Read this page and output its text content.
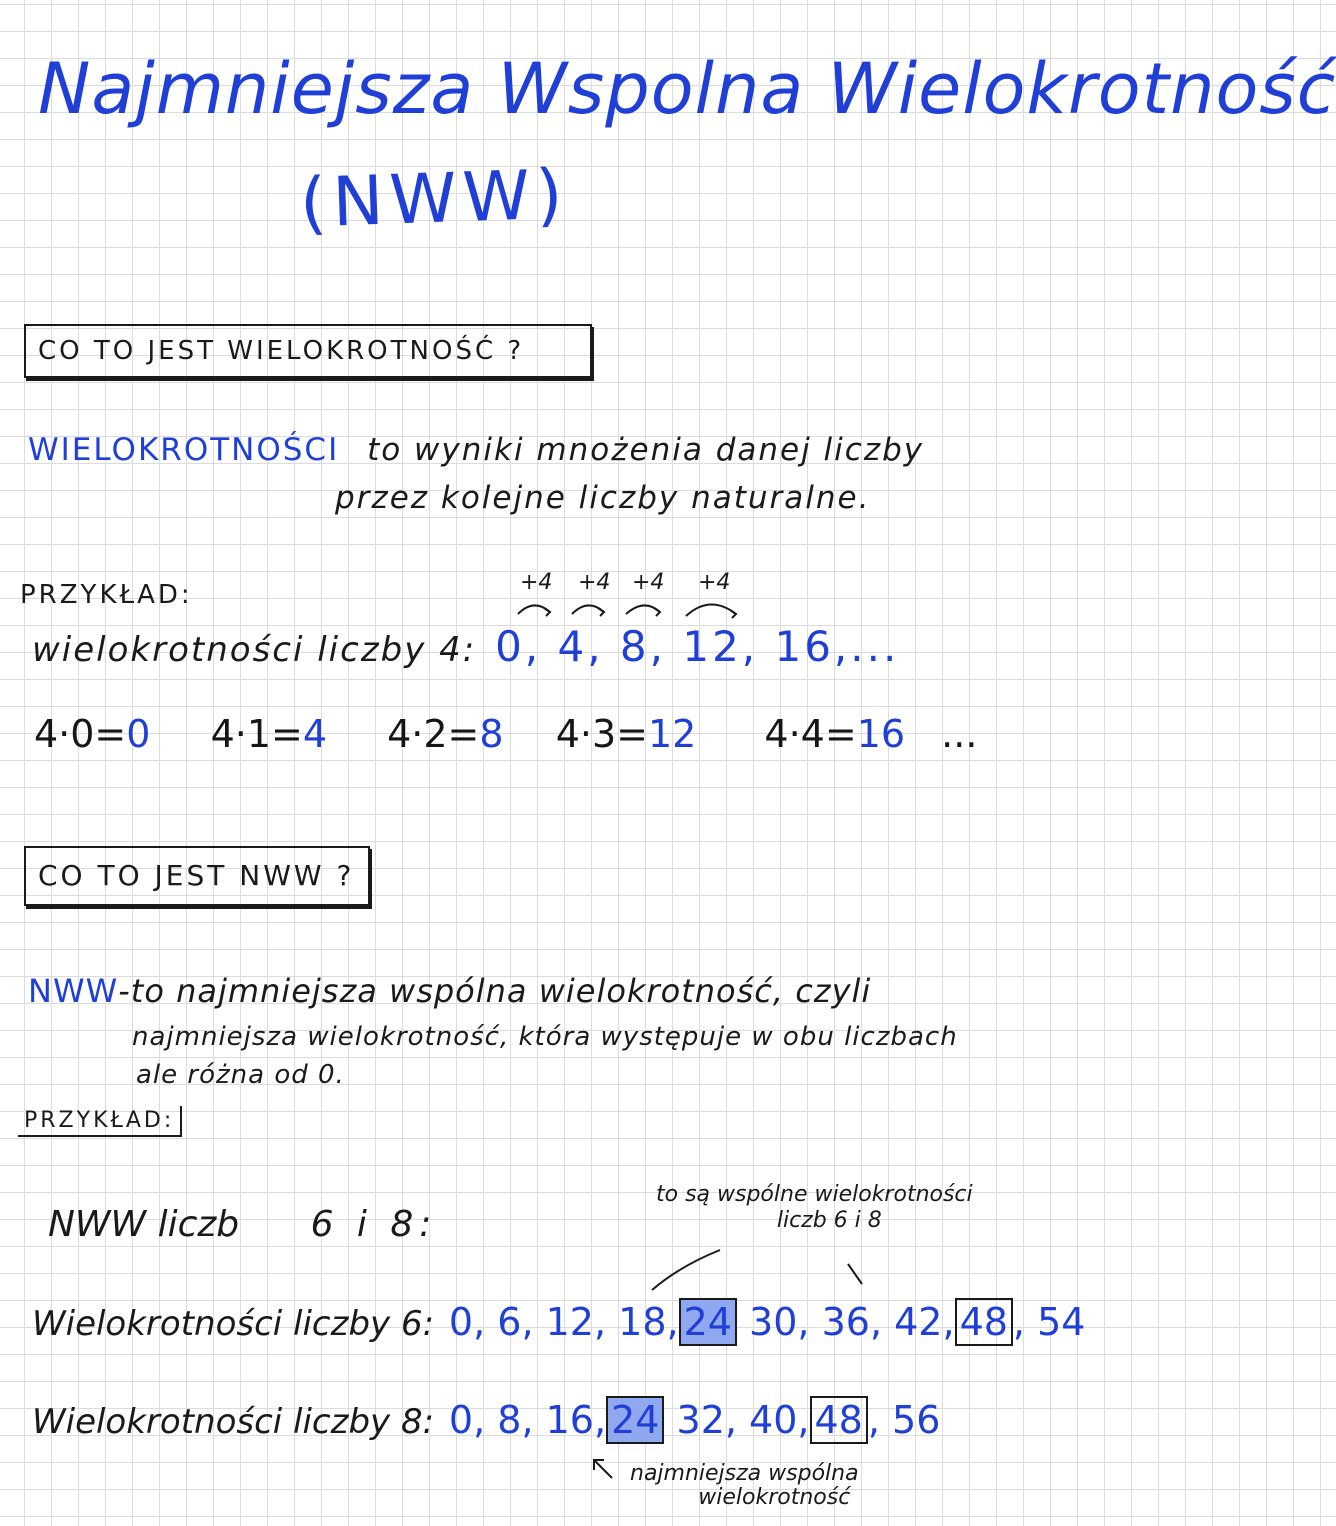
Najmniejsza Wspolna Wielokrotność
(NWW)
CO TO JEST WIELOKROTNOŚĆ ?
WIELOKROTNOŚCI to wyniki mnożenia danej liczby
przez kolejne liczby naturalne.
PRZYKŁAD:	+4 +4 +4 +4
wielokrotności liczby 4: 0, 4, 8, 12, 16,...
4·0=0 4·1=4 4·2=8 4·3=12 4·4=16 ...
CO TO JEST NWW ?
NWW-to najmniejsza wspólna wielokrotność, czyli
najmniejsza wielokrotność, która występuje w obu liczbach
ale różna od 0.
PRZYKŁAD:
NWW liczb 6 i 8:
to są wspólne wielokrotności
liczb 6 i 8
Wielokrotności liczby 6: 0, 6, 12, 18, 24 30, 36, 42, 48 , 54
Wielokrotności liczby 8: 0, 8, 16, 24 32, 40, 48 , 56
najmniejsza wspólna
wielokrotność
